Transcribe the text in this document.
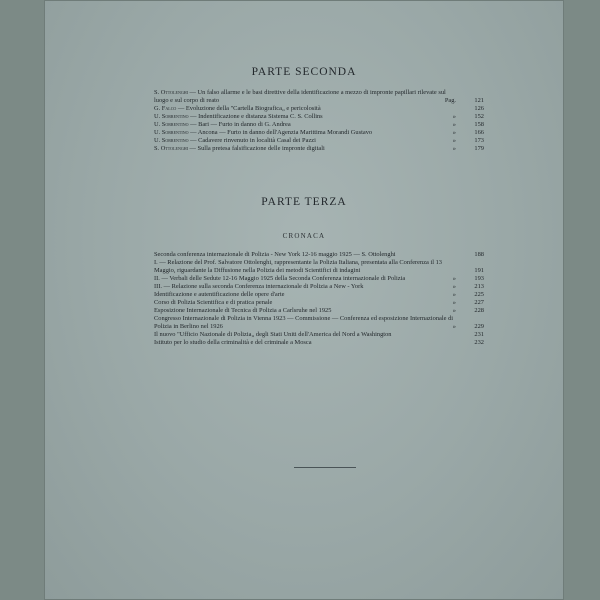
PARTE SECONDA
S. Ottolenghi — Un falso allarme e le basi direttive della identificazione a mezzo di impronte papillari rilevate sul luogo e sul corpo di reato	Pag.	121
G. Falco — Evoluzione della "Cartella Biografica„ e pericolosità	126
U. Sorrentino — Indentificazione e distanza Sistema C. S. Collins	»	152
U. Sorrentino — Bari — Furto in danno di G. Andrea	»	158
U. Sorrentino — Ancona — Furto in danno dell'Agenzia Marittima Morandi Gustavo	»	166
U. Sorrentino — Cadavere rinvenuto in località Casal dei Pazzi	»	173
S. Ottolenghi — Sulla pretesa falsificazione delle impronte digitali	»	179
PARTE TERZA
CRONACA
Seconda conferenza internazionale di Polizia - New York 12-16 maggio 1925 — S. Ottolenghi	188
I. — Relazione del Prof. Salvatore Ottolenghi, rappresentante la Polizia Italiana, presentata alla Conferenza il 13 Maggio, riguardante la Diffusione nella Polizia dei metodi Scientifici di indagini	191
II. — Verbali delle Sedute 12-16 Maggio 1925 della Seconda Conferenza internazionale di Polizia	»	193
III. — Relazione sulla seconda Conferenza internazionale di Polizia a New - York	»	213
Identificazione e autentificazione delle opere d'arte	»	225
Corso di Polizia Scientifica e di pratica penale	»	227
Esposizione Internazionale di Tecnica di Polizia a Carlsruhe nel 1925	»	228
Congresso Internazionale di Polizia in Vienna 1923 — Commissione — Conferenza ed esposizione Internazionale di Polizia in Berlino nel 1926	»	229
Il nuovo "Ufficio Nazionale di Polizia„ degli Stati Uniti dell'America del Nord a Washington	231
Istituto per lo studio della criminalità e del criminale a Mosca	232
